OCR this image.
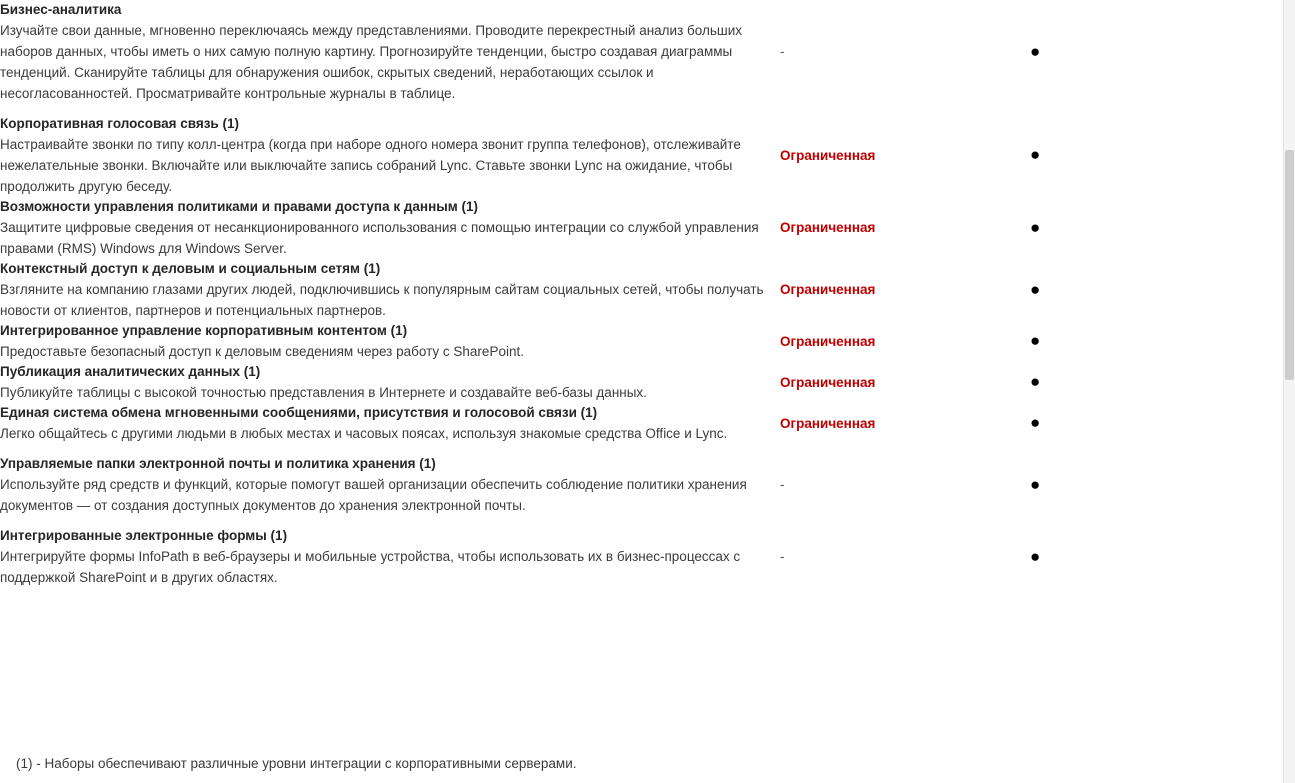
Бизнес-аналитика
Изучайте свои данные, мгновенно переключаясь между представлениями. Проводите перекрестный анализ больших наборов данных, чтобы иметь о них самую полную картину. Прогнозируйте тенденции, быстро создавая диаграммы тенденций. Сканируйте таблицы для обнаружения ошибок, скрытых сведений, неработающих ссылок и несогласованностей. Просматривайте контрольные журналы в таблице.	-	●

Корпоративная голосовая связь (1)
Настраивайте звонки по типу колл-центра (когда при наборе одного номера звонит группа телефонов), отслеживайте нежелательные звонки. Включайте или выключайте запись собраний Lync. Ставьте звонки Lync на ожидание, чтобы продолжить другую беседу.	Ограниченная	●

Возможности управления политиками и правами доступа к данным (1)
Защитите цифровые сведения от несанкционированного использования с помощью интеграции со службой управления правами (RMS) Windows для Windows Server.	Ограниченная	●

Контекстный доступ к деловым и социальным сетям (1)
Взгляните на компанию глазами других людей, подключившись к популярным сайтам социальных сетей, чтобы получать новости от клиентов, партнеров и потенциальных партнеров.	Ограниченная	●

Интегрированное управление корпоративным контентом (1)
Предоставьте безопасный доступ к деловым сведениям через работу с SharePoint.	Ограниченная	●

Публикация аналитических данных (1)
Публикуйте таблицы с высокой точностью представления в Интернете и создавайте веб-базы данных.	Ограниченная	●

Единая система обмена мгновенными сообщениями, присутствия и голосовой связи (1)
Легко общайтесь с другими людьми в любых местах и часовых поясах, используя знакомые средства Office и Lync.	Ограниченная	●

Управляемые папки электронной почты и политика хранения (1)
Используйте ряд средств и функций, которые помогут вашей организации обеспечить соблюдение политики хранения документов — от создания доступных документов до хранения электронной почты.	-	●

Интегрированные электронные формы (1)
Интегрируйте формы InfoPath в веб-браузеры и мобильные устройства, чтобы использовать их в бизнес-процессах с поддержкой SharePoint и в других областях.	-	●
(1) - Наборы обеспечивают различные уровни интеграции с корпоративными серверами.
